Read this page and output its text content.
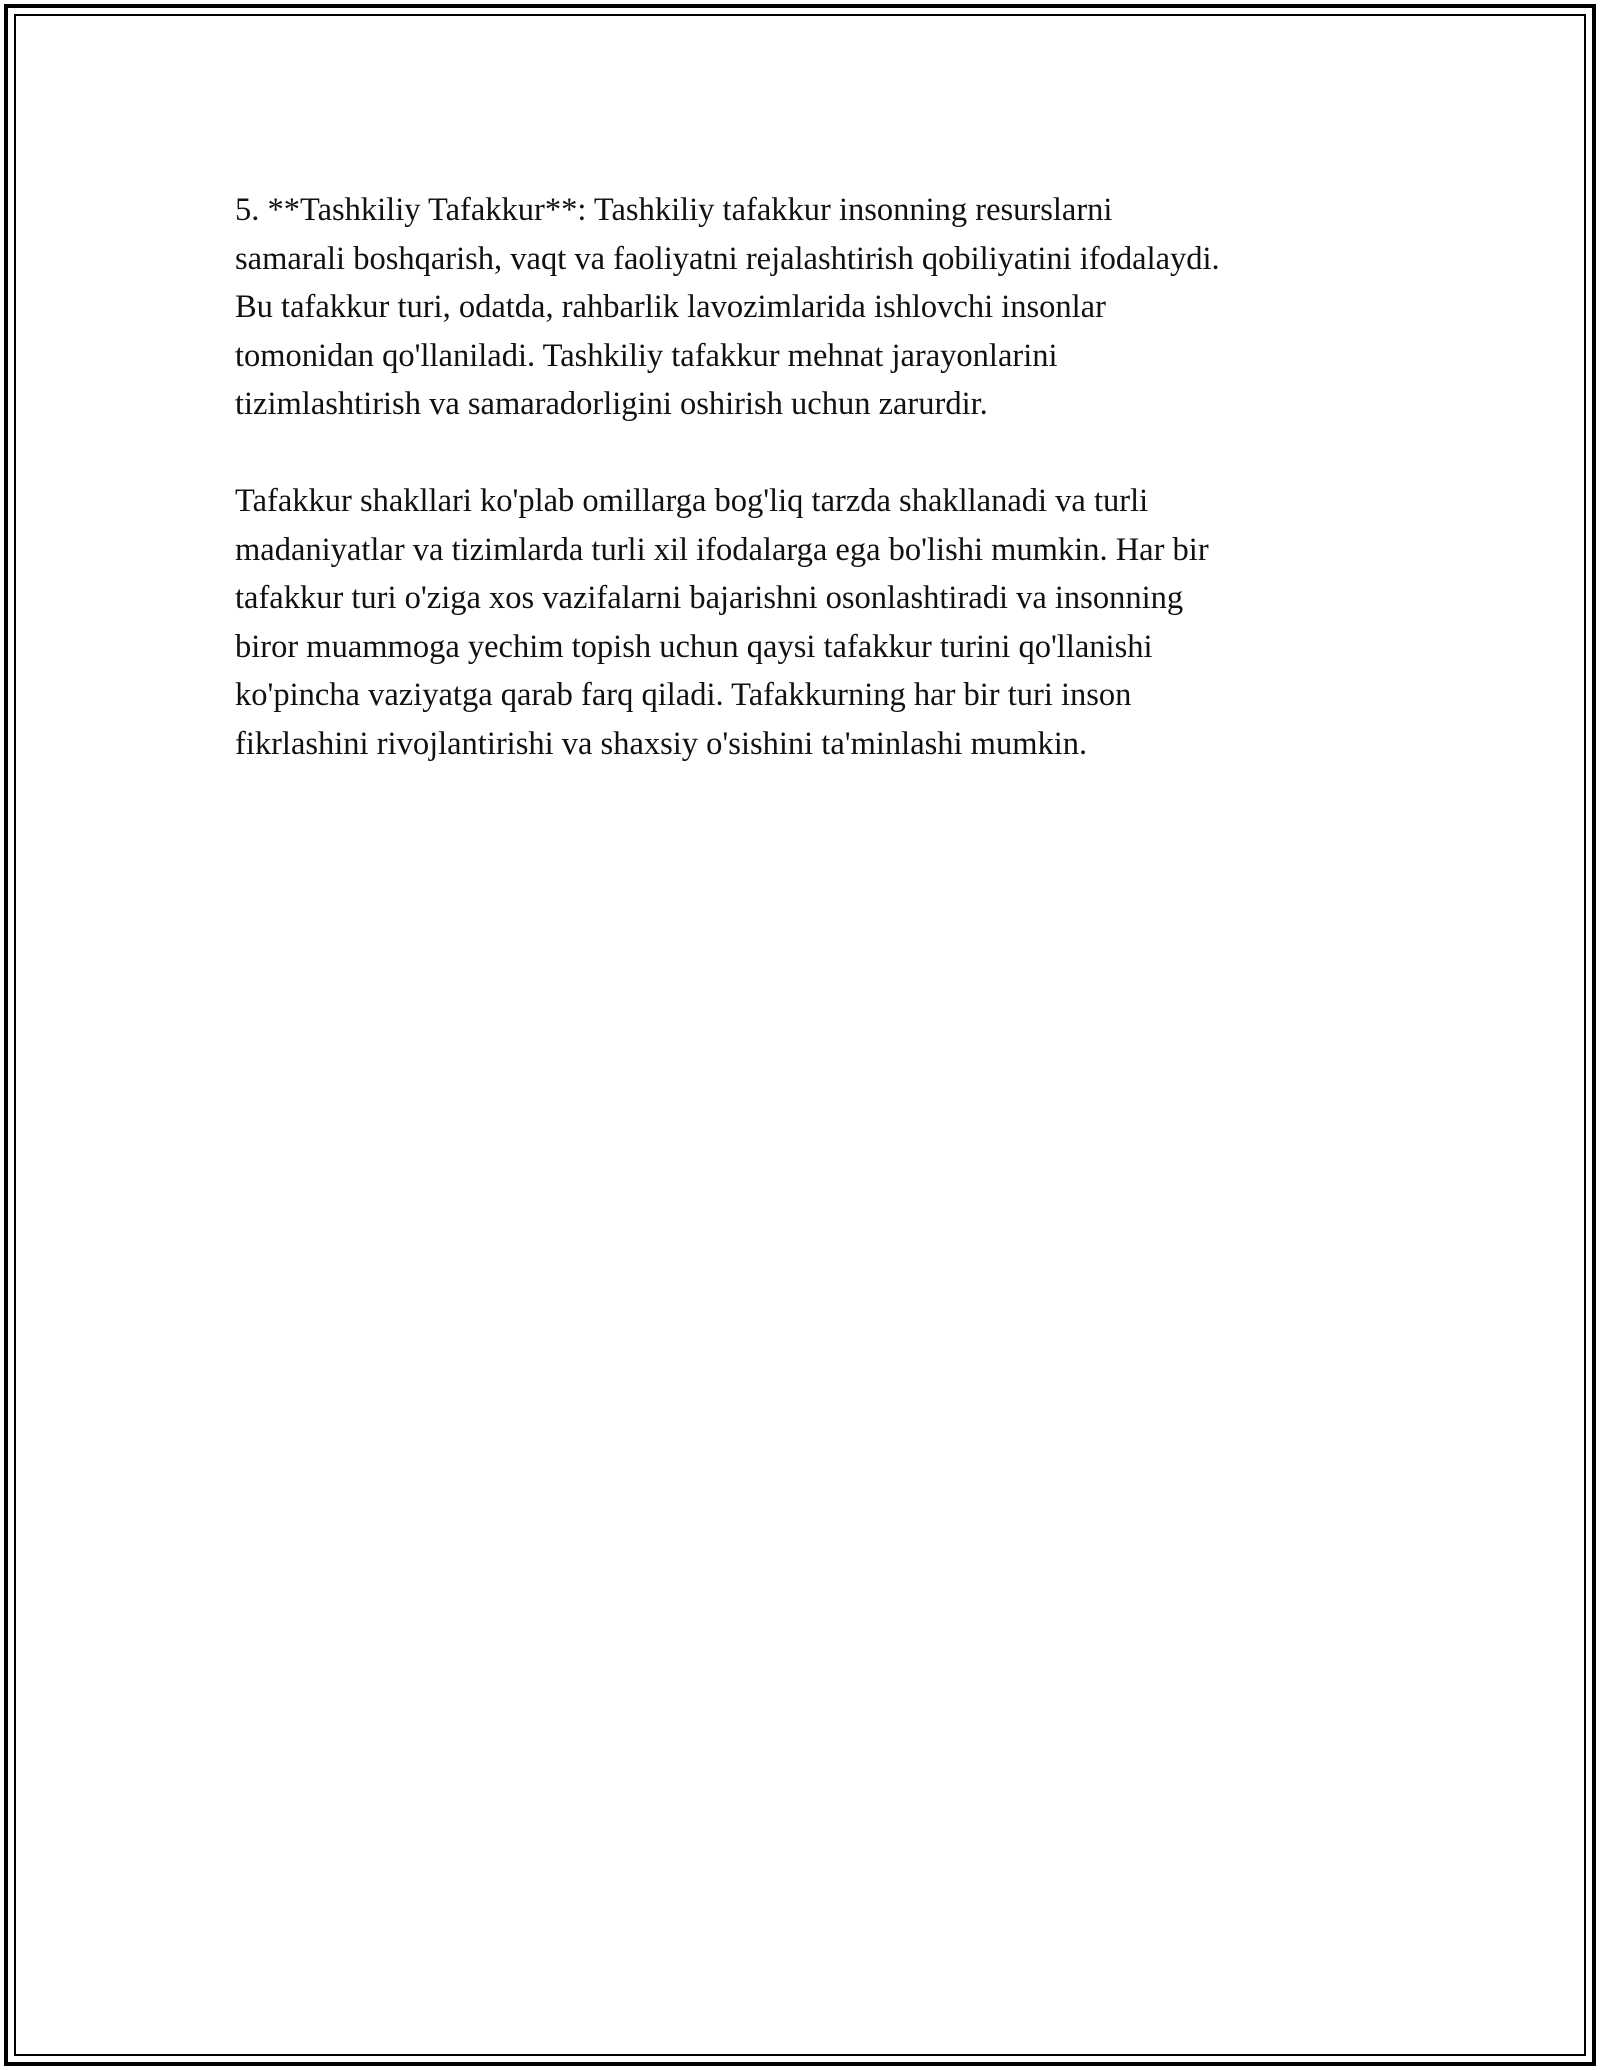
5. **Tashkiliy Tafakkur**: Tashkiliy tafakkur insonning resurslarni
samarali boshqarish, vaqt va faoliyatni rejalashtirish qobiliyatini ifodalaydi.
Bu tafakkur turi, odatda, rahbarlik lavozimlarida ishlovchi insonlar
tomonidan qo'llaniladi. Tashkiliy tafakkur mehnat jarayonlarini
tizimlashtirish va samaradorligini oshirish uchun zarurdir.

Tafakkur shakllari ko'plab omillarga bog'liq tarzda shakllanadi va turli
madaniyatlar va tizimlarda turli xil ifodalarga ega bo'lishi mumkin. Har bir
tafakkur turi o'ziga xos vazifalarni bajarishni osonlashtiradi va insonning
biror muammoga yechim topish uchun qaysi tafakkur turini qo'llanishi
ko'pincha vaziyatga qarab farq qiladi. Tafakkurning har bir turi inson
fikrlashini rivojlantirishi va shaxsiy o'sishini ta'minlashi mumkin.
